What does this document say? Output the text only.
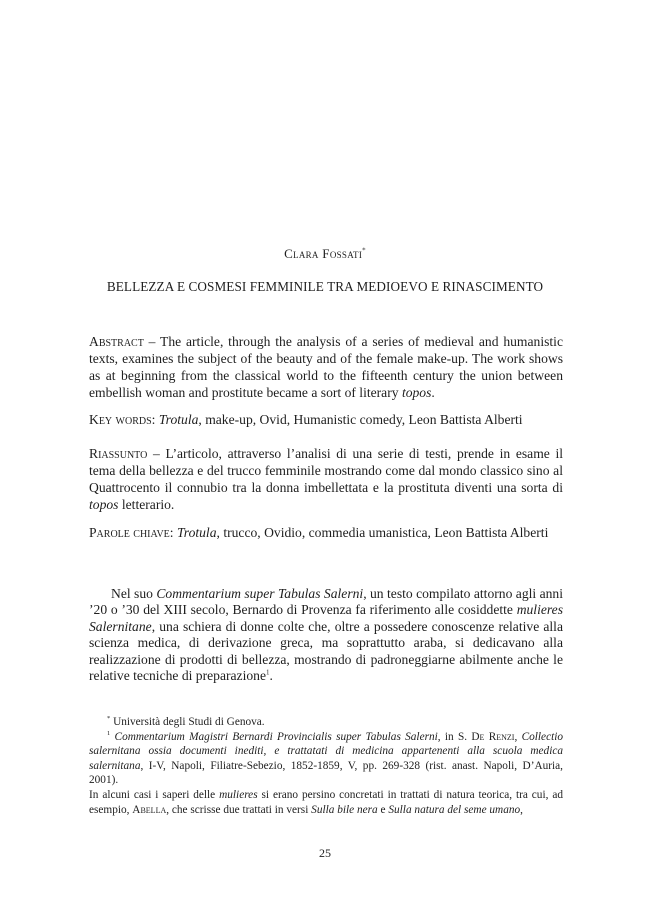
Clara Fossati*
BELLEZZA E COSMESI FEMMINILE TRA MEDIOEVO E RINASCIMENTO
Abstract – The article, through the analysis of a series of medieval and humanistic texts, examines the subject of the beauty and of the female make-up. The work shows as at beginning from the classical world to the fifteenth century the union between embellish woman and prostitute became a sort of literary topos.
Key words: Trotula, make-up, Ovid, Humanistic comedy, Leon Battista Alberti
Riassunto – L’articolo, attraverso l’analisi di una serie di testi, prende in esame il tema della bellezza e del trucco femminile mostrando come dal mondo classico sino al Quattrocento il connubio tra la donna imbellettata e la prostituta diventi una sorta di topos letterario.
Parole chiave: Trotula, trucco, Ovidio, commedia umanistica, Leon Battista Alberti
Nel suo Commentarium super Tabulas Salerni, un testo compilato attorno agli anni ’20 o ’30 del XIII secolo, Bernardo di Provenza fa riferimento alle cosiddette mulieres Salernitane, una schiera di donne colte che, oltre a possedere conoscenze relative alla scienza medica, di derivazione greca, ma soprattutto araba, si dedicavano alla realizzazione di prodotti di bellezza, mostrando di padroneggiarne abilmente anche le relative tecniche di preparazione$^1$.

* Università degli Studi di Genova.

$^1$ Commentarium Magistri Bernardi Provincialis super Tabulas Salerni, in S. De Renzi, Collectio salernitana ossia documenti inediti, e trattatati di medicina appartenenti alla scuola medica salernitana, I-V, Napoli, Filiatre-Sebezio, 1852-1859, V, pp. 269-328 (rist. anast. Napoli, D’Auria, 2001).

In alcuni casi i saperi delle mulieres si erano persino concretati in trattati di natura teorica, tra cui, ad esempio, Abella, che scrisse due trattati in versi Sulla bile nera e Sulla natura del seme umano,

25
